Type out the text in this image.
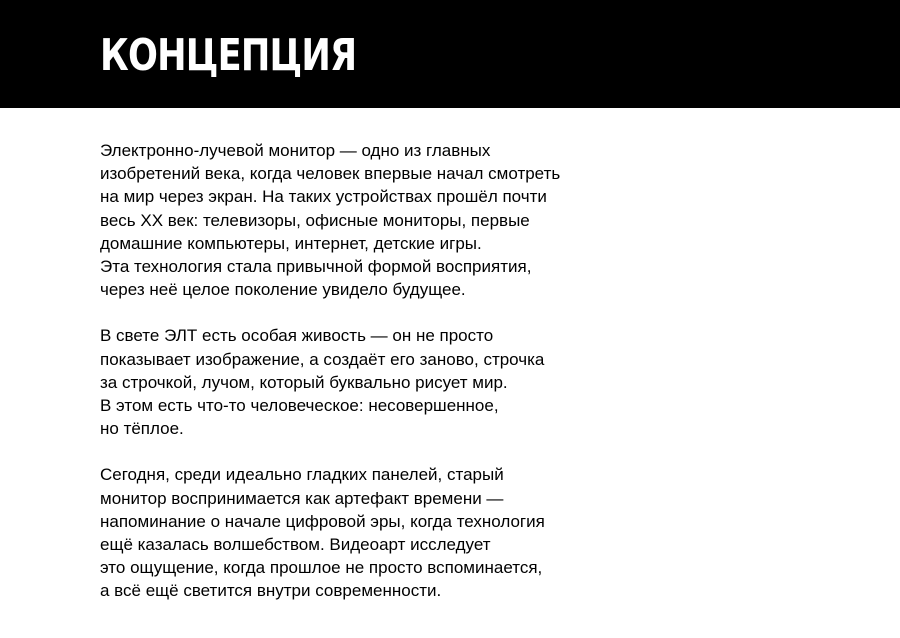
КОНЦЕПЦИЯ

Электронно-лучевой монитор — одно из главных
изобретений века, когда человек впервые начал смотреть
на мир через экран. На таких устройствах прошёл почти
весь XX век: телевизоры, офисные мониторы, первые
домашние компьютеры, интернет, детские игры.
Эта технология стала привычной формой восприятия,
через неё целое поколение увидело будущее.

В свете ЭЛТ есть особая живость — он не просто
показывает изображение, а создаёт его заново, строчка
за строчкой, лучом, который буквально рисует мир.
В этом есть что-то человеческое: несовершенное,
но тёплое.

Сегодня, среди идеально гладких панелей, старый
монитор воспринимается как артефакт времени —
напоминание о начале цифровой эры, когда технология
ещё казалась волшебством. Видеоарт исследует
это ощущение, когда прошлое не просто вспоминается,
а всё ещё светится внутри современности.
